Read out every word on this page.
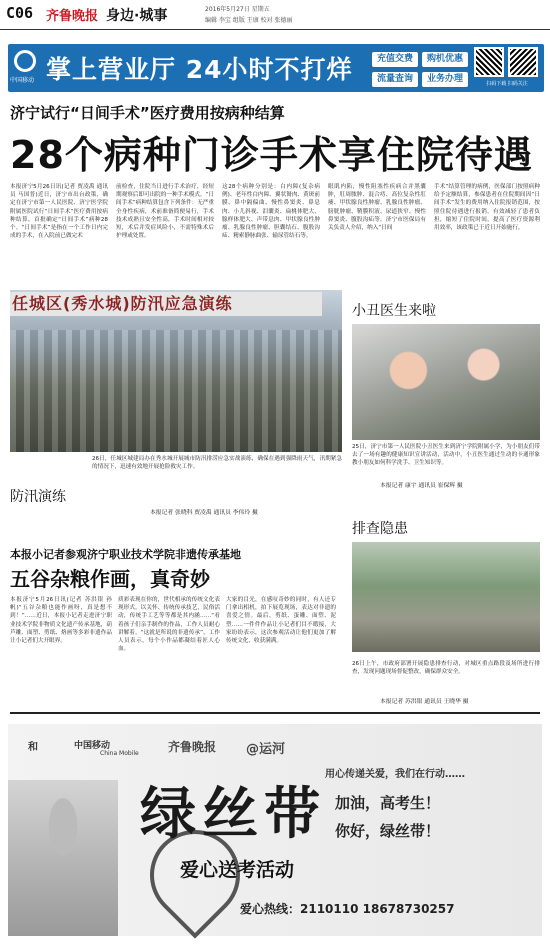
C06 齐鲁晚报 身边·城事	2016年5月27日 星期五
编辑 李宝 组版 王康 校对 张德丽
中国移动 掌上营业厅 24小时不打烊	充值交费	购机优惠
流量查询	业务办理	扫码下载 扫码关注
济宁试行“日间手术”医疗费用按病种结算
28个病种门诊手术享住院待遇
本报济宁5月26日讯(记者 贾凌禹 通讯员 马国普)近日，济宁市出台政策，确定在济宁市第一人民医院、济宁医学院附属医院试行“日间手术”医疗费用按病种结算，首批确定“日间手术”病种28个。“日间手术”是指在一个工作日内完成的手术，在入院前已做完术
前检查，住院当日进行手术治疗，经短期观察后即可出院的一种手术模式。“日间手术”病种结算包含下列条件：无严重全身性疾病，术前准备简便易行，手术技术成熟且安全性高，手术时间相对较短，术后并发症风险小，不需特殊术后护理或处置。
这28个病种分别是：白内障(复杂病例)、老年性白内障、翼状胬肉、黄斑前膜、鼻中隔偏曲、慢性鼻窦炎、鼻息肉、小儿斜视、泪囊炎、扁桃体肥大、腺样体肥大、声带息肉、甲状腺良性肿瘤、乳腺良性肿瘤、胆囊结石、腹股沟疝、精索静脉曲张、输尿管结石等。
眼肌内陷，慢性阻塞性疾病合并黑囊肿，肛周脓肿、混合痔、高位复杂性肛瘘、甲状腺良性肿瘤、乳腺良性肿瘤、膀胱肿瘤、鞘膜积液、尿道狭窄、慢性鼻窦炎、腹股沟疝等。济宁市医保局有关负责人介绍，纳入“日间
手术”结算管理的病例，医保部门按照病种给予定额结算，参保患者在住院期间因“日间手术”发生的费用纳入住院报销范围，按照住院待遇进行报销，有效减轻了患者负担，缩短了住院时间，提高了医疗资源利用效率，该政策已于近日开始施行。
任城区(秀水城)防汛应急演练
防汛演练
26日，任城区城建局办在秀水城开展城市防汛排涝应急实战演练，确保在遇到强降雨天气，汛期紧急的情况下，迅速有效地开展抢险救灾工作。
本报记者 张晓科 贾凌禹 通讯员 李伟玲 摄
小丑医生来啦
25日，济宁市第一人民医院小丑医生来到济宁学院附属小学，为小朋友们带去了一场有趣的健康知识宣讲活动，活动中，小丑医生通过生动的卡通形象教小朋友如何科学洗手、卫生知识等。
本报记者 康宇 通讯员 崔保辉 摄
排查隐患
26日上午，市政府部署开展隐患排查行动，对城区重点路段及场所进行排查，发现问题现场督促整改，确保群众安全。
本报记者 苏洪银 通讯员 王晓华 摄
本报小记者参观济宁职业技术学院非遗传承基地
五谷杂粮作画，真奇妙
本报济宁5月26日讯(记者 苏洪银 孙帆)“五谷杂粮也能作画呀，真是想不到！”……近日，本报小记者走进济宁职业技术学院非物质文化遗产传承基地，葫芦雕、面塑、剪纸、烙画等多彩非遗作品让小记者们大开眼界。
质彩表现在你的，世代相承的传统文化表现形式。以关怀、传统传承技艺，民俗活动，传统手工艺等等都是其内涵……“看着孩子们亲手制作的作品，工作人员耐心讲解着。“这就是所说的非遗传承”，工作人员表示，每个小作品都凝结着匠人心血。
大家的目光，在感叹奇妙的同时，有人还专门拿出相机，拍下展览现场，表达对非遗的喜爱之情。最后，剪纸、蛋雕、面塑、泥塑……一件件作品让小记者们目不暇接，大家纷纷表示，这次参观活动让他们更加了解传统文化，收获满满。
和	中国移动
China Mobile 齐鲁晚报 @运河
绿丝带
爱心送考活动
用心传递关爱，我们在行动……
加油，高考生！
你好，绿丝带！
爱心热线：2110110 18678730257
